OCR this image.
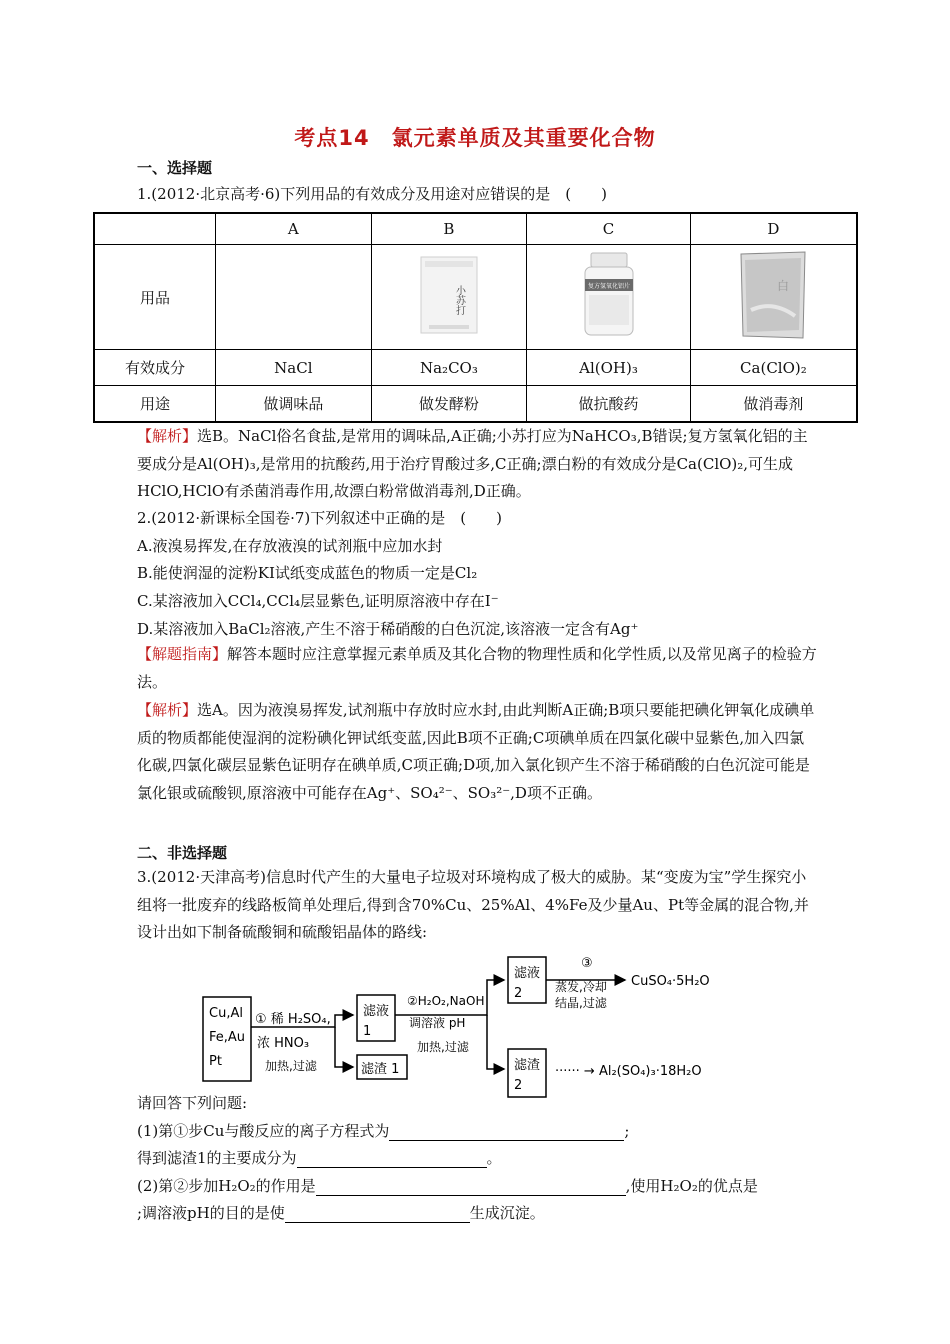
考点14　氯元素单质及其重要化合物
一、选择题
1.(2012·北京高考·6)下列用品的有效成分及用途对应错误的是　(　　)
	A	B	C	D
用品		小苏打	复方氢氧化铝片	白

有效成分	NaCl	Na₂CO₃	Al(OH)₃	Ca(ClO)₂
用途	做调味品	做发酵粉	做抗酸药	做消毒剂
【解析】选B。NaCl俗名食盐,是常用的调味品,A正确;小苏打应为NaHCO₃,B错误;复方氢氧化铝的主要成分是Al(OH)₃,是常用的抗酸药,用于治疗胃酸过多,C正确;漂白粉的有效成分是Ca(ClO)₂,可生成HClO,HClO有杀菌消毒作用,故漂白粉常做消毒剂,D正确。
2.(2012·新课标全国卷·7)下列叙述中正确的是　(　　)
A.液溴易挥发,在存放液溴的试剂瓶中应加水封
B.能使润湿的淀粉KI试纸变成蓝色的物质一定是Cl₂
C.某溶液加入CCl₄,CCl₄层显紫色,证明原溶液中存在I⁻
D.某溶液加入BaCl₂溶液,产生不溶于稀硝酸的白色沉淀,该溶液一定含有Ag⁺
【解题指南】解答本题时应注意掌握元素单质及其化合物的物理性质和化学性质,以及常见离子的检验方法。
【解析】选A。因为液溴易挥发,试剂瓶中存放时应水封,由此判断A正确;B项只要能把碘化钾氧化成碘单质的物质都能使湿润的淀粉碘化钾试纸变蓝,因此B项不正确;C项碘单质在四氯化碳中显紫色,加入四氯化碳,四氯化碳层显紫色证明存在碘单质,C项正确;D项,加入氯化钡产生不溶于稀硝酸的白色沉淀可能是氯化银或硫酸钡,原溶液中可能存在Ag⁺、SO₄²⁻、SO₃²⁻,D项不正确。
二、非选择题
3.(2012·天津高考)信息时代产生的大量电子垃圾对环境构成了极大的威胁。某“变废为宝”学生探究小组将一批废弃的线路板简单处理后,得到含70%Cu、25%Al、4%Fe及少量Au、Pt等金属的混合物,并设计出如下制备硫酸铜和硫酸铝晶体的路线:
Cu,Al
Fe,Au
Pt
① 稀 H₂SO₄,
浓 HNO₃
加热,过滤
滤液
1
滤渣 1
②H₂O₂,NaOH
调溶液 pH
加热,过滤
滤液
2
滤渣
2
③
蒸发,冷却
结晶,过滤
CuSO₄·5H₂O
······ → Al₂(SO₄)₃·18H₂O
请回答下列问题:
(1)第①步Cu与酸反应的离子方程式为	;
得到滤渣1的主要成分为	。
(2)第②步加H₂O₂的作用是	,使用H₂O₂的优点是
;调溶液pH的目的是使	生成沉淀。
